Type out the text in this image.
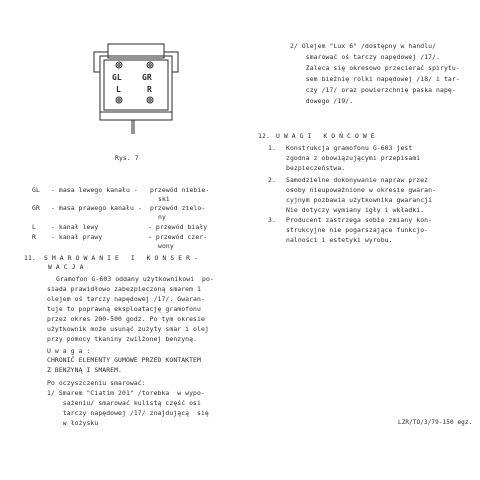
GL	GR
L	R
Rys. 7
GL - masa lewego kanału - przewód niebie-
ski
GR - masa prawego kanału - przewód zielo-
ny
L - kanał lewy	- przewód biały
R - kanał prawy	- przewód czer-
wony
11. S M A R O W A N I E   I   K O N S E R -
W A C J A
Gramofon G-603 oddany użytkownikowi  po-
siada prawidłowo zabezpieczoną smarem 1
olejem oś tarczy napędowej /17/. Gwaran-
tuje to poprawną eksploatację gramofonu
przez okres 200-500 godz. Po tym okresie
użytkownik może usunąć zużyty smar i olej
przy pomocy tkaniny zwilżonej benzyną.
U w a g a :
CHRONIĆ ELEMENTY GUMOWE PRZED KONTAKTEM
Z BENZYNĄ I SMAREM.
Po oczyszczeniu smarować:
1/ Smarem "Ciatim 201" /torebka  w wypo-
sażeniu/ smarować kulistą część osi
tarczy napędowej /17/ znajdującą  się
w łożysku
2/ Olejem "Lux 6" /dostępny w handlu/
smarować oś tarczy napędowej /17/.
Zaleca się okresowo przecierać spirytu-
sem bieżnię rolki napędowej /18/ i tar-
czy /17/ oraz powierzchnię paska napę-
dowego /19/.
12. U W A G I   K O Ń C O W E
1. Konstrukcja gramofonu G-603 jest
zgodna z obowiązującymi przepisami
bezpieczeństwa.
2. Samodzielne dokonywanie napraw przez
osoby nieupoważnione w okresie gwaran-
cyjnym pozbawia użytkownika gwarancji
Nie dotyczy wymiany igły i wkładki.
3. Producent zastrzega sobie zmiany kon-
strukcyjne nie pogarszające funkcjo-
nalności i estetyki wyrobu.
LZR/TO/3/79-150 egz.
